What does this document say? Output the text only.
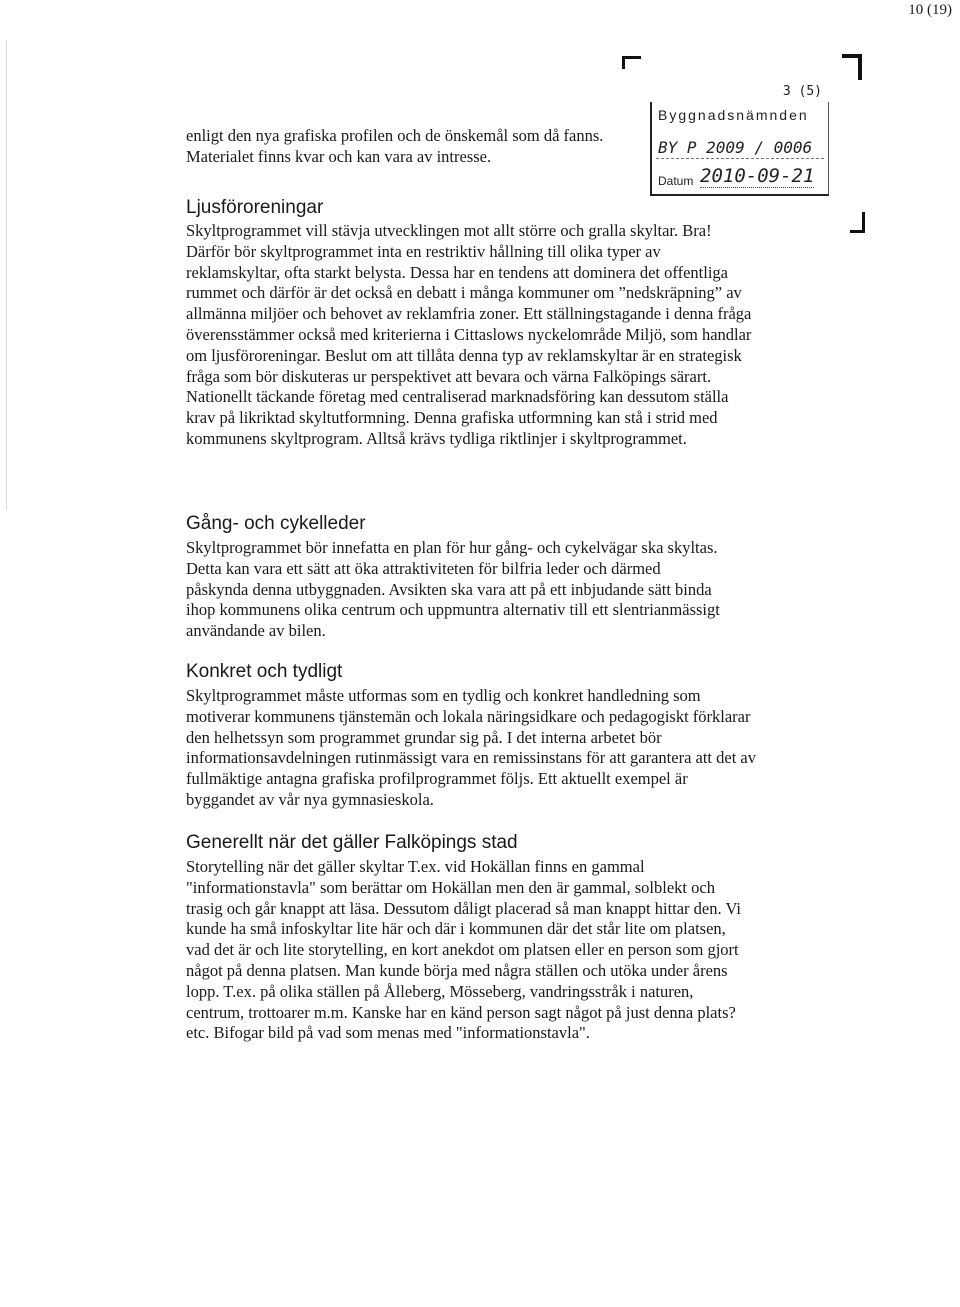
10 (19)
3 (5)
Byggnadsnämnden
BY P 2009 / 0006
Datum 2010-09-21

enligt den nya grafiska profilen och de önskemål som då fanns. Materialet finns kvar och kan vara av intresse.

Ljusföroreningar

Skyltprogrammet vill stävja utvecklingen mot allt större och gralla skyltar. Bra! Därför bör skyltprogrammet inta en restriktiv hållning till olika typer av reklamskyltar, ofta starkt belysta. Dessa har en tendens att dominera det offentliga rummet och därför är det också en debatt i många kommuner om ”nedskräpning” av allmänna miljöer och behovet av reklamfria zoner. Ett ställningstagande i denna fråga överensstämmer också med kriterierna i Cittaslows nyckelområde Miljö, som handlar om ljusföroreningar. Beslut om att tillåta denna typ av reklamskyltar är en strategisk fråga som bör diskuteras ur perspektivet att bevara och värna Falköpings särart. Nationellt täckande företag med centraliserad marknadsföring kan dessutom ställa krav på likriktad skyltutformning. Denna grafiska utformning kan stå i strid med kommunens skyltprogram. Alltså krävs tydliga riktlinjer i skyltprogrammet.

Gång- och cykelleder

Skyltprogrammet bör innefatta en plan för hur gång- och cykelvägar ska skyltas. Detta kan vara ett sätt att öka attraktiviteten för bilfria leder och därmed påskynda denna utbyggnaden. Avsikten ska vara att på ett inbjudande sätt binda ihop kommunens olika centrum och uppmuntra alternativ till ett slentrianmässigt användande av bilen.

Konkret och tydligt

Skyltprogrammet måste utformas som en tydlig och konkret handledning som motiverar kommunens tjänstemän och lokala näringsidkare och pedagogiskt förklarar den helhetssyn som programmet grundar sig på. I det interna arbetet bör informationsavdelningen rutinmässigt vara en remissinstans för att garantera att det av fullmäktige antagna grafiska profilprogrammet följs. Ett aktuellt exempel är byggandet av vår nya gymnasieskola.

Generellt när det gäller Falköpings stad

Storytelling när det gäller skyltar T.ex. vid Hokällan finns en gammal "informationstavla" som berättar om Hokällan men den är gammal, solblekt och trasig och går knappt att läsa. Dessutom dåligt placerad så man knappt hittar den. Vi kunde ha små infoskyltar lite här och där i kommunen där det står lite om platsen, vad det är och lite storytelling, en kort anekdot om platsen eller en person som gjort något på denna platsen. Man kunde börja med några ställen och utöka under årens lopp. T.ex. på olika ställen på Ålleberg, Mösseberg, vandringsstråk i naturen, centrum, trottoarer m.m. Kanske har en känd person sagt något på just denna plats? etc. Bifogar bild på vad som menas med "informationstavla".
